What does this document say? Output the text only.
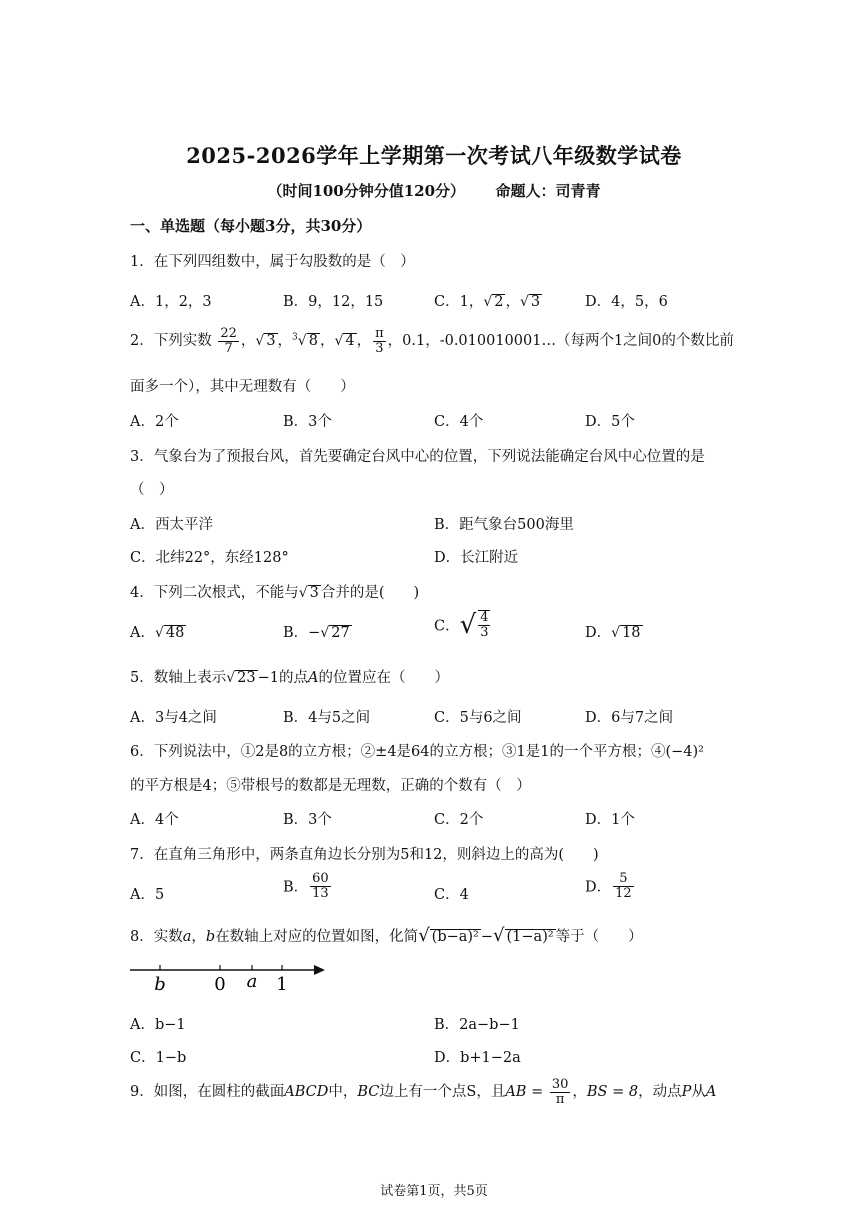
2025-2026学年上学期第一次考试八年级数学试卷
（时间100分钟分值120分） 命题人：司青青
一、单选题（每小题3分，共30分）
1．在下列四组数中，属于勾股数的是（　）
A．1，2，3	B．9，12，15	C．1，√ 2 ，√ 3	D．4，5，6
2．下列实数 $\frac{22}{7}$ ，√ 3 ，$^3$√ 8 ，√ 4 ， $\frac{\pi}{3}$ ，0.1，-0.010010001…（每两个1之间0的个数比前
面多一个），其中无理数有（　　）
A．2个	B．3个	C．4个	D．5个
3．气象台为了预报台风，首先要确定台风中心的位置，下列说法能确定台风中心位置的是
（　）
A．西太平洋	B．距气象台500海里
C．北纬22°，东经128°	D．长江附近
4．下列二次根式，不能与√ 3 合并的是(　　)
A．√ 48	B．−√ 27	C．√ $\frac{4}{3}$	D．√ 18
5．数轴上表示√ 23 −1的点A的位置应在（　　）
A．3与4之间	B．4与5之间	C．5与6之间	D．6与7之间
6．下列说法中，①2是8的立方根；②±4是64的立方根；③1是1的一个平方根；④(−4)²
的平方根是4；⑤带根号的数都是无理数，正确的个数有（　）
A．4个	B．3个	C．2个	D．1个
7．在直角三角形中，两条直角边长分别为5和12，则斜边上的高为(　　)
A．5	B． $\frac{60}{13}$	C．4	D． $\frac{5}{12}$
8．实数a，b在数轴上对应的位置如图，化简√ (b−a)² −√ (1−a)² 等于（　　）
b	0 a 1
A．b−1	B．2a−b−1
C．1−b	D．b+1−2a
9．如图，在圆柱的截面ABCD中，BC边上有一个点S，且AB = $\frac{30}{\pi}$ ，BS = 8，动点P从A
试卷第1页，共5页
